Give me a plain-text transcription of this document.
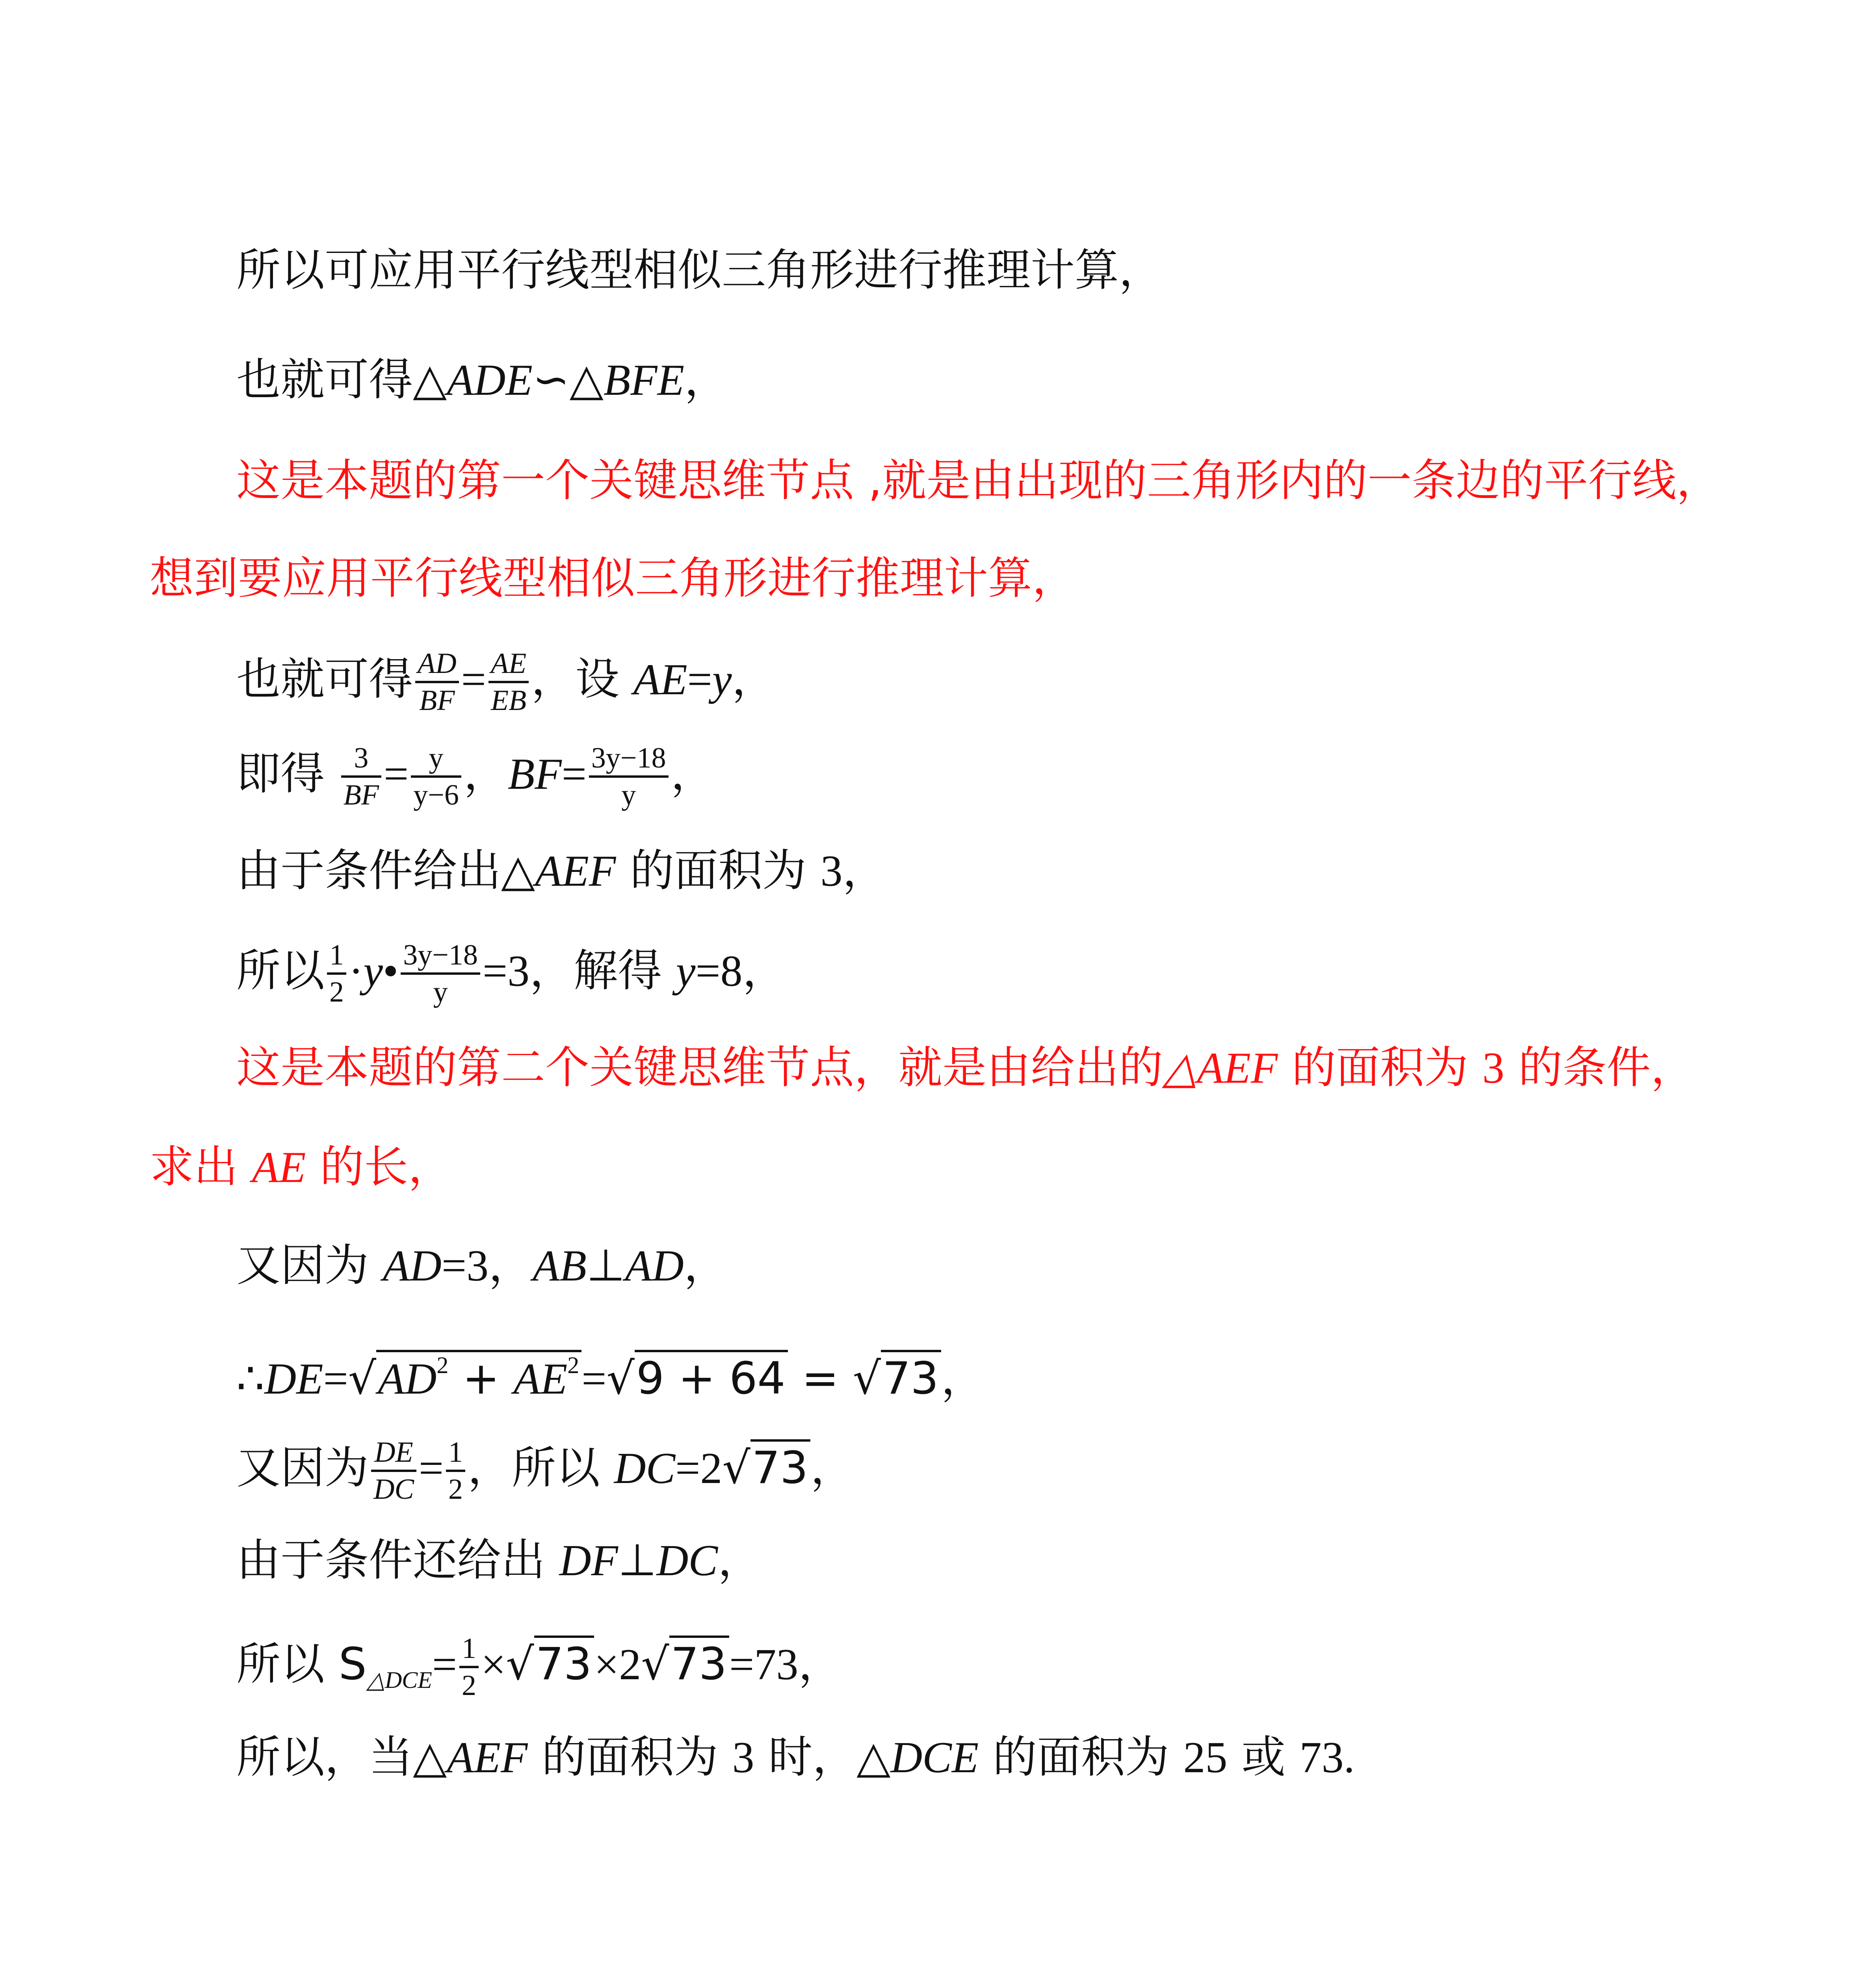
所以可应用平行线型相似三角形进行推理计算，
也就可得△ADE∽△BFE，
这是本题的第一个关键思维节点 ,就是由出现的三角形内的一条边的平行线，
想到要应用平行线型相似三角形进行推理计算，
也就可得 $\frac{AD}{BF} = \frac{AE}{EB}$ ，设 AE=y，
即得 $\frac{3}{BF} = \frac{y}{y-6}$ ，$BF= \frac{3y-18}{y}$ ，
由于条件给出△AEF 的面积为 3，
所以 $\frac{1}{2}$ ·y• $\frac{3y-18}{y} =3$，解得 y=8，
这是本题的第二个关键思维节点，就是由给出的△AEF 的面积为 3 的条件，
求出 AE 的长，
又因为 AD=3，AB⊥AD，
$\therefore DE=√AD^2 + AE^2=√9 + 64 = √73$，
又因为 $\frac{DE}{DC} = \frac{1}{2}$ ，所以 DC=2√73，
由于条件还给出 DF⊥DC，
所以 $S_{\triangle DCE}= \frac{1}{2} \times√73\times 2√73=73$，
所以，当△AEF 的面积为 3 时，△DCE 的面积为 25 或 73.
